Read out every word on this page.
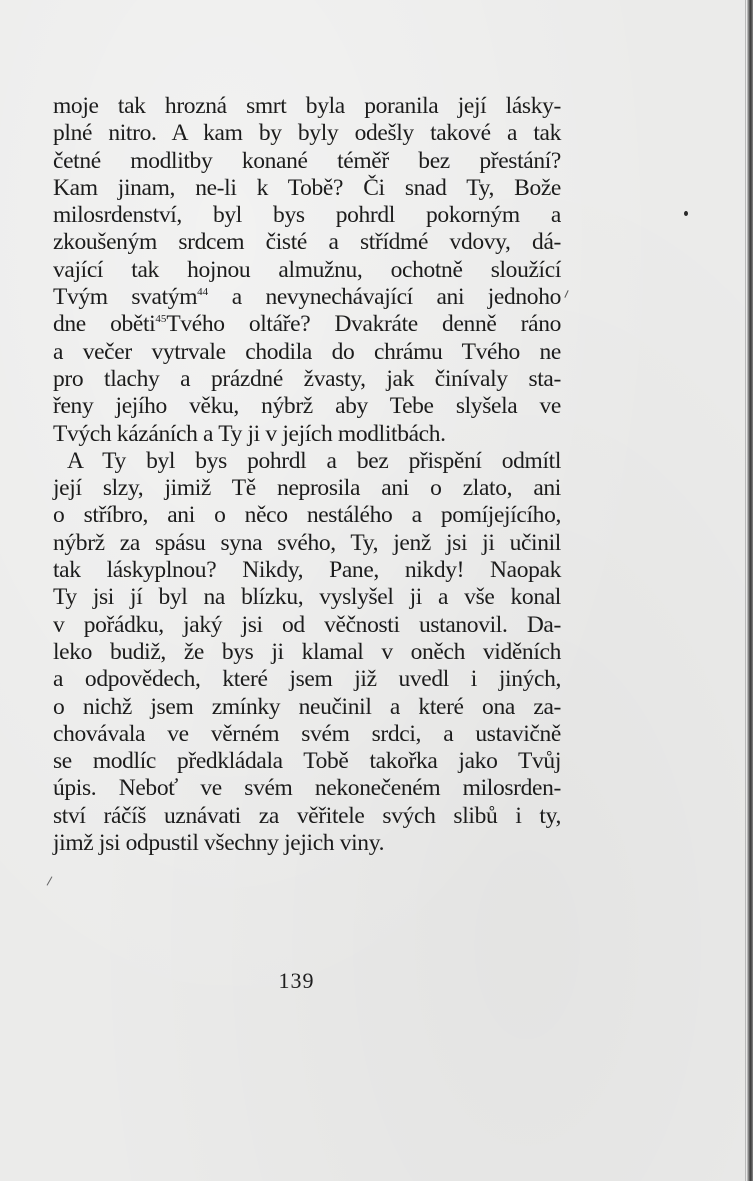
moje tak hrozná smrt byla poranila její lásky-
plné nitro. A kam by byly odešly takové a tak
četné modlitby konané téměř bez přestání?
Kam jinam, ne-li k Tobě? Či snad Ty, Bože
milosrdenství, byl bys pohrdl pokorným a
zkoušeným srdcem čisté a střídmé vdovy, dá-
vající tak hojnou almužnu, ochotně sloužící
Tvým svatým$^{44}$ a nevynechávající ani jednoho
dne oběti$^{45}$Tvého oltáře? Dvakráte denně ráno
a večer vytrvale chodila do chrámu Tvého ne
pro tlachy a prázdné žvasty, jak činívaly sta-
řeny jejího věku, nýbrž aby Tebe slyšela ve
Tvých kázáních a Ty ji v jejích modlitbách.
A Ty byl bys pohrdl a bez přispění odmítl
její slzy, jimiž Tě neprosila ani o zlato, ani
o stříbro, ani o něco nestálého a pomíjejícího,
nýbrž za spásu syna svého, Ty, jenž jsi ji učinil
tak láskyplnou? Nikdy, Pane, nikdy! Naopak
Ty jsi jí byl na blízku, vyslyšel ji a vše konal
v pořádku, jaký jsi od věčnosti ustanovil. Da-
leko budiž, že bys ji klamal v oněch viděních
a odpovědech, které jsem již uvedl i jiných,
o nichž jsem zmínky neučinil a které ona za-
chovávala ve věrném svém srdci, a ustavičně
se modlíc předkládala Tobě takořka jako Tvůj
úpis. Neboť ve svém nekonečeném milosrden-
ství ráčíš uznávati za věřitele svých slibů i ty,
jimž jsi odpustil všechny jejich viny.
139
